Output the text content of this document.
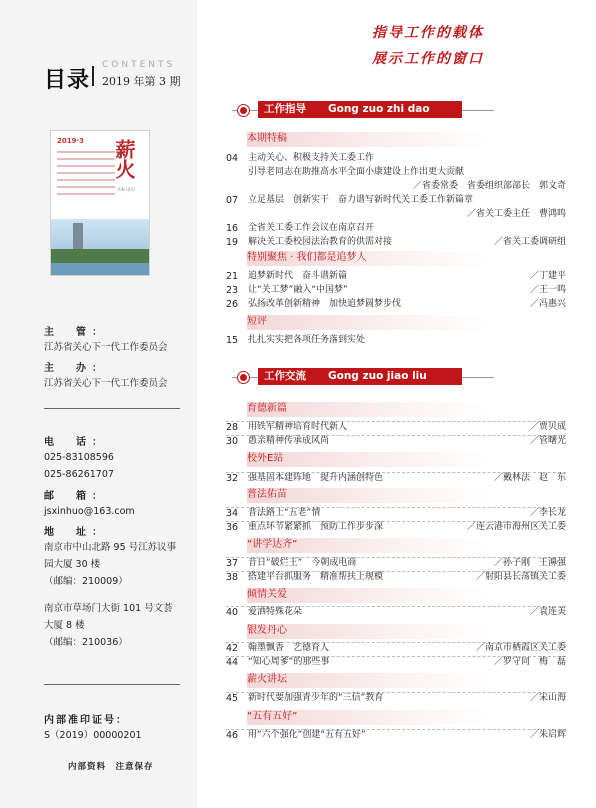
目录
CONTENTS
2019 年第 3 期
2019·3 薪火
XIN HUO
主　管：
江苏省关心下一代工作委员会
主　办：
江苏省关心下一代工作委员会
电　话：
025-83108596
025-86261707
邮　箱：
jsxinhuo@163.com
地　址：
南京市中山北路 95 号江苏议事
园大厦 30 楼
（邮编：210009）
南京市草场门大街 101 号文荟
大厦 8 楼
（邮编：210036）
内部准印证号：
S（2019）00000201
内部资料　注意保存
指导工作的载体
展示工作的窗口
工作指导 Gong zuo zhi dao
本期特稿
04	主动关心、积极支持关工委工作
引导老同志在助推高水平全面小康建设上作出更大贡献
／省委常委　省委组织部部长　郭文奇
07	立足基层　创新实干　奋力谱写新时代关工委工作新篇章
／省关工委主任　曹鸿鸣
16	全省关工委工作会议在南京召开
19	解决关工委校园法治教育的供需对接	／省关工委调研组
特别聚焦 · 我们都是追梦人
21	追梦新时代　奋斗谱新篇	／丁建平
23	让“关工梦”融入“中国梦”	／王一鸣
26	弘扬改革创新精神　加快追梦圆梦步伐	／冯惠兴
短评
15	扎扎实实把各项任务落到实处
工作交流 Gong zuo jiao liu
育德新篇
28	用铁军精神培育时代新人	／贾贝成
30	愚亲精神传承成风尚	／管曙光
校外E站
32	强基固本建阵地　提升内涵创特色	／戴林法　赵　东
普法佑苗
34	普法路上“五老”情	／李长龙
36	重点环节紧紧抓　预防工作步步深	／连云港市海州区关工委
“讲学达齐”
37	昔日“破烂王”　今朝成电商	／孙子刚　王濞强
38	搭建平台抓服务　精准帮扶上规模	／射阳县长荡镇关工委
倾情关爱
40	爱洒特殊花朵	／袁连美
银发丹心
42	翰墨飘香　艺德育人	／南京市栖霞区关工委
44	“知心周爹”的那些事	／罗守同　梅　磊
薪火讲坛
45	新时代要加强青少年的“三信”教育	／宋山海
“五有五好”
46	用“六个强化”创建“五有五好”	／朱启辉
